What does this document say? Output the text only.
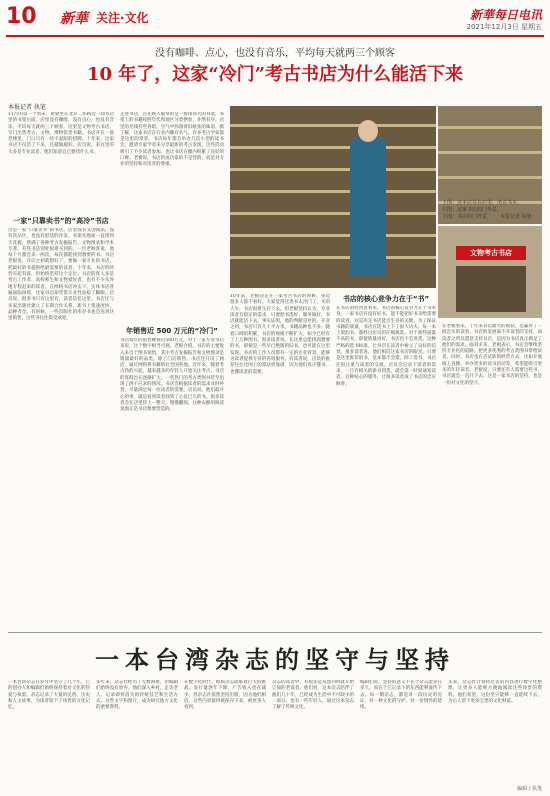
10 新華 关注·文化	新華每日电讯
2021年12月3日 星期五
没有咖啡、点心，也没有音乐，平均每天就两三个顾客
10 年了，这家“冷门”考古书店为什么能活下来
本报记者 执笔
11月的第一个周末，黄梁坐在北京二环路边一间书店里的书架后面。店里没有咖啡，没有点心，也没有音乐，平均每天就两三个顾客。这里是文物考古书店，专门出售考古、文物、博物馆类书籍。书店开在一座老楼里，门口只有一块不起眼的招牌。十年来，这家书店不仅活了下来，还越做越好。店员说，来这里的大多是专业读者，他们知道自己要找什么书。
一家“只靠卖书”的“高冷”书店
这是一家“只靠卖书”的书店。店里没有文创商品，没有饮品区，也没有舒适的沙发。书架从地面一直排到天花板，摆满了各种考古发掘报告、文物图录和学术专著。有些书是别处很难买到的。一位老顾客说，他每个月都会来一两次，每次都能找到想要的书。书店老板说，开店之初就想好了，要做一家专业的书店，把最好的书提供给最需要的读者。十年来，书店的经营有起有落，但始终坚持这个定位。书店的客人多是考古工作者、高校师生和文物爱好者，也有不少从外地专程赶来的读者。在网络书店冲击下，实体书店普遍面临困境，这家书店却凭借专业性站稳了脚跟。店员说，很多书只有这里有，读者信任这里。书店还与多家出版社建立了长期合作关系，新书上架速度快，品种齐全。有时候，一些出版社的库存书也会送到这里销售，这些书往往很受欢迎。
走进书店，首先映入眼帘的是一排排高大的书架，书架上的书籍按照年代和地区分类摆放，井然有序。店里的光线有些昏暗，空气中弥漫着旧纸张的味道。据了解，这家书店在行业内颇有名气，许多考古学家都是这里的常客。书店每年都会举办几次小型的读书会，邀请专家学者来分享最新的考古发现。这些活动吸引了不少读者参加，也让书店在圈内积累了良好的口碑。老板说，书店的成功靠的不是营销，而是对专业的坚持和对读者的尊重。
年销售近 500 万元的“冷门”
书店每年的销售额接近500万元，对于一家专业书店来说，这个数字相当可观。老板介绍，书店的主要收入来自于图书销售，其中考古发掘报告和文物图录是销量最好的品类。除了门店销售，书店还开设了网店，通过网络将书籍销往全国各地。近年来，随着考古热的兴起，越来越多的年轻人开始关注考古，书店的客群也在逐渐扩大。一些热门的考古类图书甚至出现了供不应求的情况。书店会根据读者的需求及时补货，尽量满足每一位读者的需要。店员说，他们最开心的事，就是看到读者找到了心仪已久的书。很多读者会在店里待上一整天，慢慢翻阅，这种安静的阅读氛围正是书店想要营造的。
文物考古书店
上图：这本店员在店里，清点书本。
左图：这家书店的门外景。
下图：书店的门外景。	本报记者 执笔
10年前，老板决定开一家考古书店的时候，身边很多人都不看好。大家觉得这类书太冷门了，买的人少，书店很难生存下去。但老板坚持认为，专业读者有稳定的需求，只要把书选好、服务做好，书店就能活下去。事实证明，他的判断是对的。开业之初，书店只有几十平方米，书籍品种也不多。随着口碑的积累，书店的规模不断扩大，如今已经有了上万种图书。很多读者说，在这里总能找到想要的书，即使是一些早已绝版的旧书，也可能在这里发现。书店的工作人员都有一定的专业背景，能够为读者提供专业的咨询服务。有读者说，店员的推荐往往比网上的算法更靠谱，因为他们真正懂书，也懂读者的需要。
书店的核心竞争力在于“书”
在书店的经营者看来，书店的核心竞争力在于书本身。一家书店有没有好书，能不能把好书卖给需要的读者，这是决定书店能否生存的关键。为了保证书籍的质量，书店在选书上下了很大功夫。每一本上架的书，都经过店员的仔细挑选。对于那些质量不高的书，即使销量再好，书店也不会进货。这种严格的选书标准，让书店在读者中树立了良好的信誉。很多读者说，他们相信这家书店的眼光，只要是这里推荐的书，基本都不会错。除了选书，书店还很注重与读者的交流。店员会记录下读者的需求，一旦有相关的新书到货，就会第一时间通知读者。这种贴心的服务，让很多读者成了书店的忠实顾客。
在老板看来，十年来书店最大的收获，是赢得了一批忠实的读者。书店的发展离不开读者的支持，而读者之所以愿意支持书店，是因为书店真正满足了他们的需求。面对未来，老板表示，书店会继续坚持专业化的道路，把更多优秀的考古类图书带给读者。同时，书店也在尝试新的经营方式，比如开展线上直播、举办更多的读书活动等，希望能吸引更多的年轻读者。老板说，只要还有人需要这些书，书店就会一直开下去。这是一家书店的坚持，也是一份对文化的坚守。
一本台湾杂志的坚守与坚持
一本台湾杂志在岁月中坚守了几十年，它的创办人和编辑们始终保持着对文化的热爱与执着。杂志记录了大量的民俗、历史和人文故事，为读者留下了珍贵的文化记忆。
多年来，杂志社经历了无数困难，但编辑们始终没有放弃。他们深入乡村，走访老人，记录即将消失的传统技艺和生活方式。这些文字和图片，成为研究地方文化的重要资料。
在数字化时代，纸质杂志面临着巨大的挑战。发行量逐年下降，广告收入也在减少。但杂志社依然坚持出版，因为他们相信，这些内容值得被保存下来，被更多人看到。
杂志的读者中，有很多是从创刊时就开始订阅的老读者。他们说，这本杂志陪伴了他们几十年，已经成为生活中不可缺少的一部分。也有一些年轻人，通过这本杂志了解了传统文化。
编辑们说，坚持的意义不在于杂志能存在多久，而在于它记录下的东西能够流传下去。每一期杂志，都是对一段历史的见证，对一种文化的守护，对一份情怀的延续。
未来，杂志社计划将过去的内容进行数字化整理，让更多人能够方便地阅读这些珍贵的资料。他们希望，这份坚守能够一直延续下去，为后人留下更多宝贵的文化财富。
编辑 / 执笔
